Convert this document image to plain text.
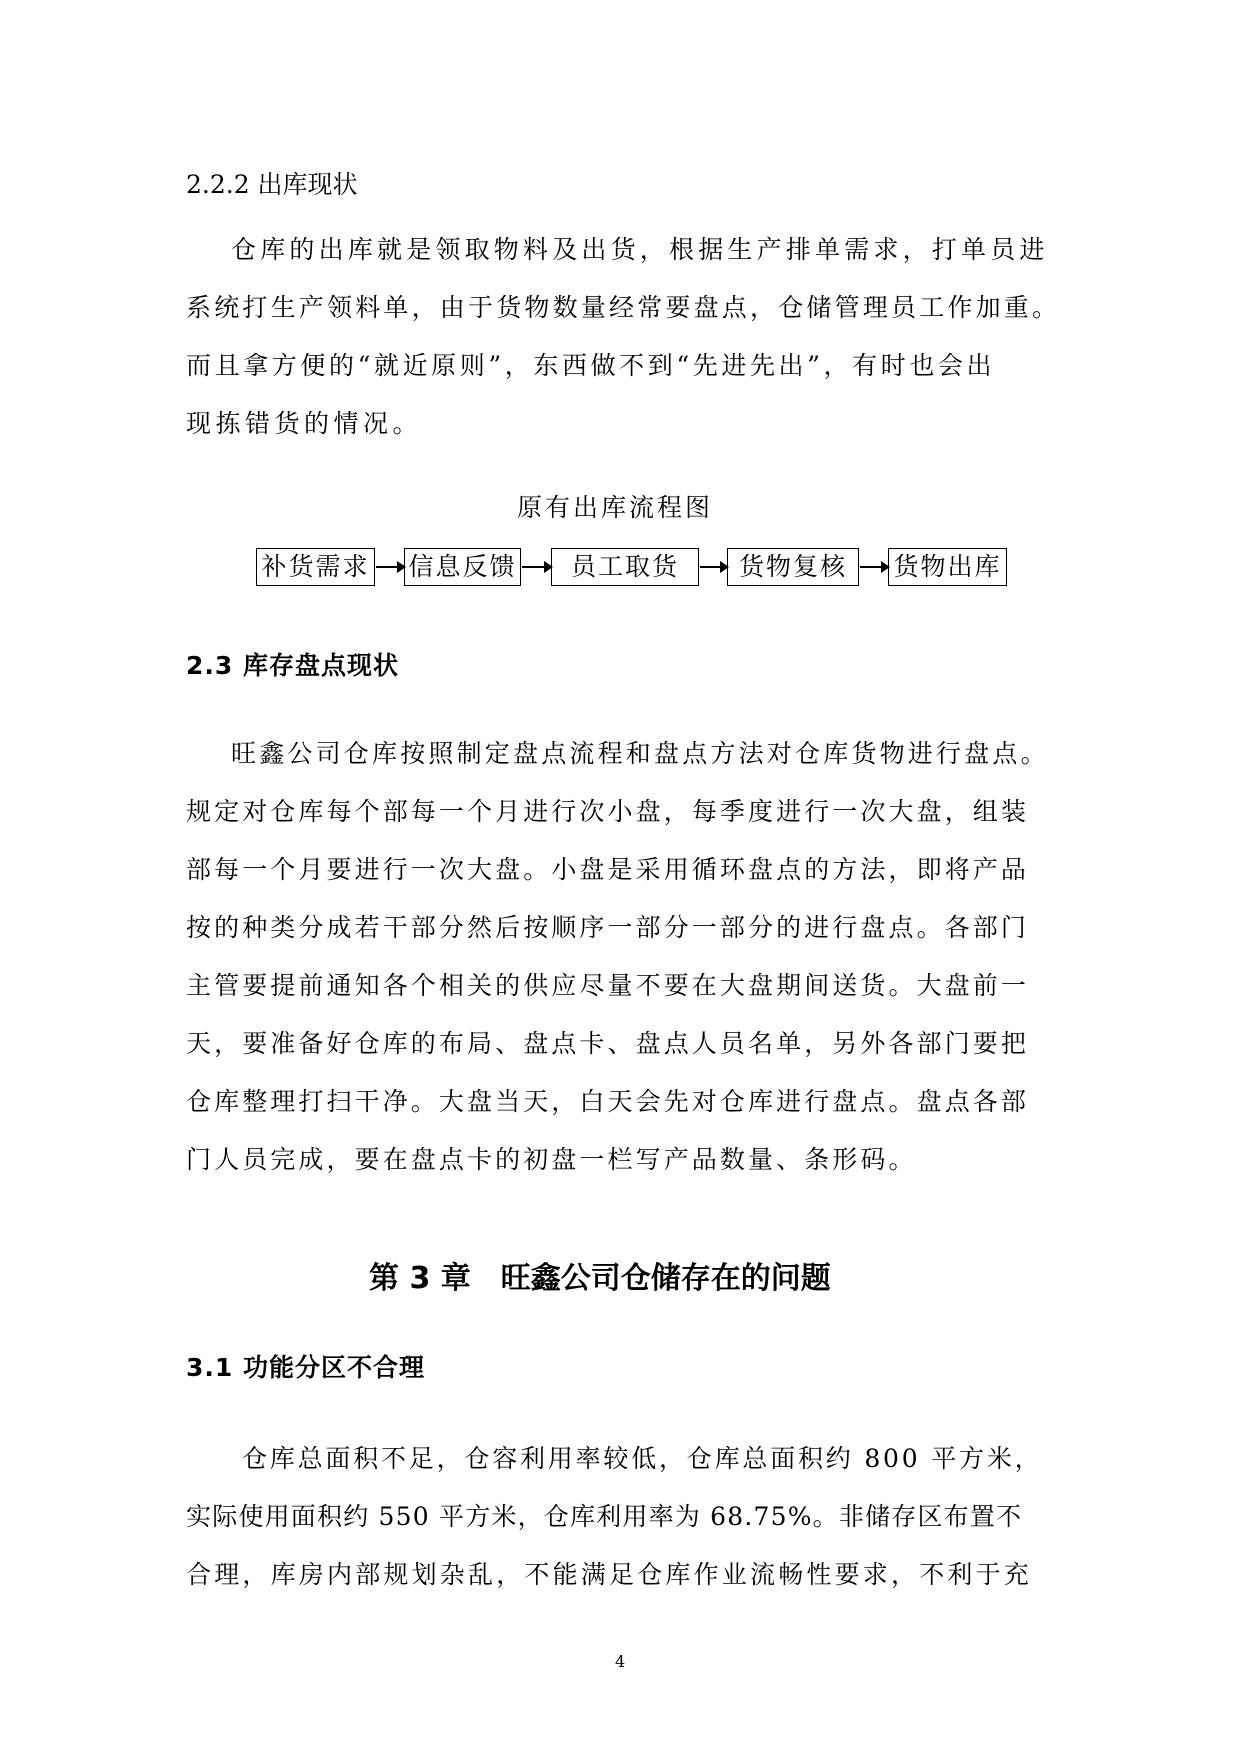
2.2.2 出库现状
仓库的出库就是领取物料及出货，根据生产排单需求，打单员进
系统打生产领料单，由于货物数量经常要盘点，仓储管理员工作加重。
而且拿方便的“就近原则”，东西做不到“先进先出”，有时也会出
现拣错货的情况。
原有出库流程图
补货需求 信息反馈	员工取货	货物复核	货物出库
2.3 库存盘点现状
旺鑫公司仓库按照制定盘点流程和盘点方法对仓库货物进行盘点。
规定对仓库每个部每一个月进行次小盘，每季度进行一次大盘，组装
部每一个月要进行一次大盘。小盘是采用循环盘点的方法，即将产品
按的种类分成若干部分然后按顺序一部分一部分的进行盘点。各部门
主管要提前通知各个相关的供应尽量不要在大盘期间送货。大盘前一
天，要准备好仓库的布局、盘点卡、盘点人员名单，另外各部门要把
仓库整理打扫干净。大盘当天，白天会先对仓库进行盘点。盘点各部
门人员完成，要在盘点卡的初盘一栏写产品数量、条形码。
第 3 章　旺鑫公司仓储存在的问题
3.1 功能分区不合理
仓库总面积不足，仓容利用率较低，仓库总面积约 800 平方米，
实际使用面积约 550 平方米，仓库利用率为 68.75%。非储存区布置不
合理，库房内部规划杂乱，不能满足仓库作业流畅性要求，不利于充
4
